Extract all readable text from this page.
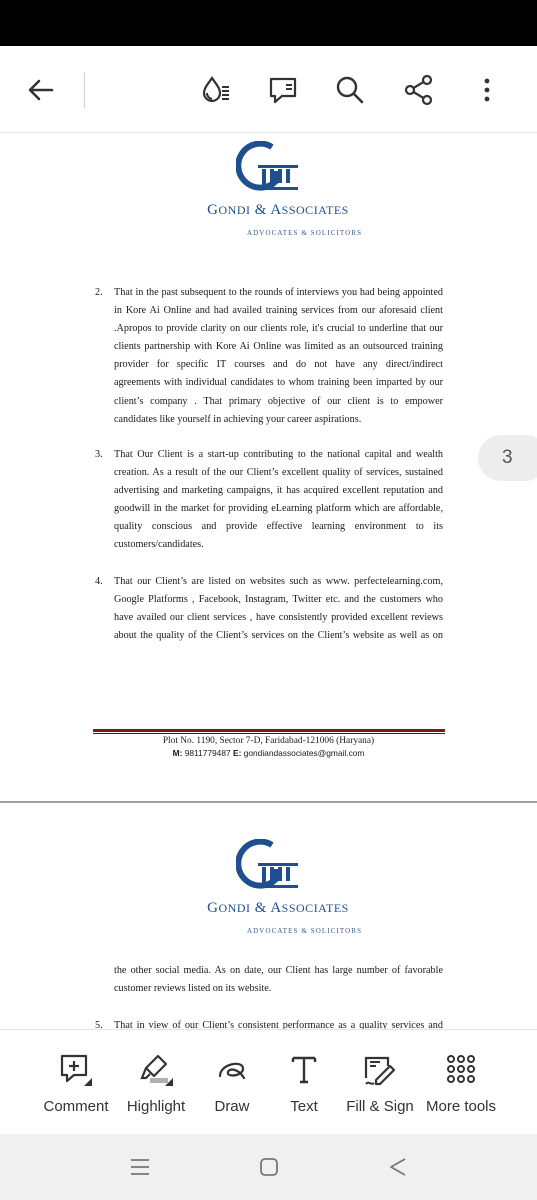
GONDI & ASSOCIATES
ADVOCATES & SOLICITORS
2. That in the past subsequent to the rounds of interviews you had being appointed
in Kore Ai Online and had availed training services from our aforesaid client
.Apropos to provide clarity on our clients role, it's crucial to underline that our
clients partnership with Kore Ai Online was limited as an outsourced training
provider for specific IT courses and do not have any direct/indirect
agreements with individual candidates to whom training been imparted by our
client’s company . That primary objective of our client is to empower
candidates like yourself in achieving your career aspirations.
3. That Our Client is a start-up contributing to the national capital and wealth
creation. As a result of the our Client’s excellent quality of services, sustained
advertising and marketing campaigns, it has acquired excellent reputation and
goodwill in the market for providing eLearning platform which are affordable,
quality conscious and provide effective learning environment to its
customers/candidates.
4. That our Client’s are listed on websites such as www. perfectelearning.com,
Google Platforms , Facebook, Instagram, Twitter etc. and the customers who
have availed our client services , have consistently provided excellent reviews
about the quality of the Client’s services on the Client’s website as well as on
Plot No. 1190, Sector 7-D, Faridabad-121006 (Haryana)
M: 9811779487 E: gondiandassociates@gmail.com
GONDI & ASSOCIATES
ADVOCATES & SOLICITORS
the other social media. As on date, our Client has large number of favorable
customer reviews listed on its website.
5. That in view of our Client’s consistent performance as a quality services and
3
Comment	Highlight	Draw	Text	Fill & Sign More tools
